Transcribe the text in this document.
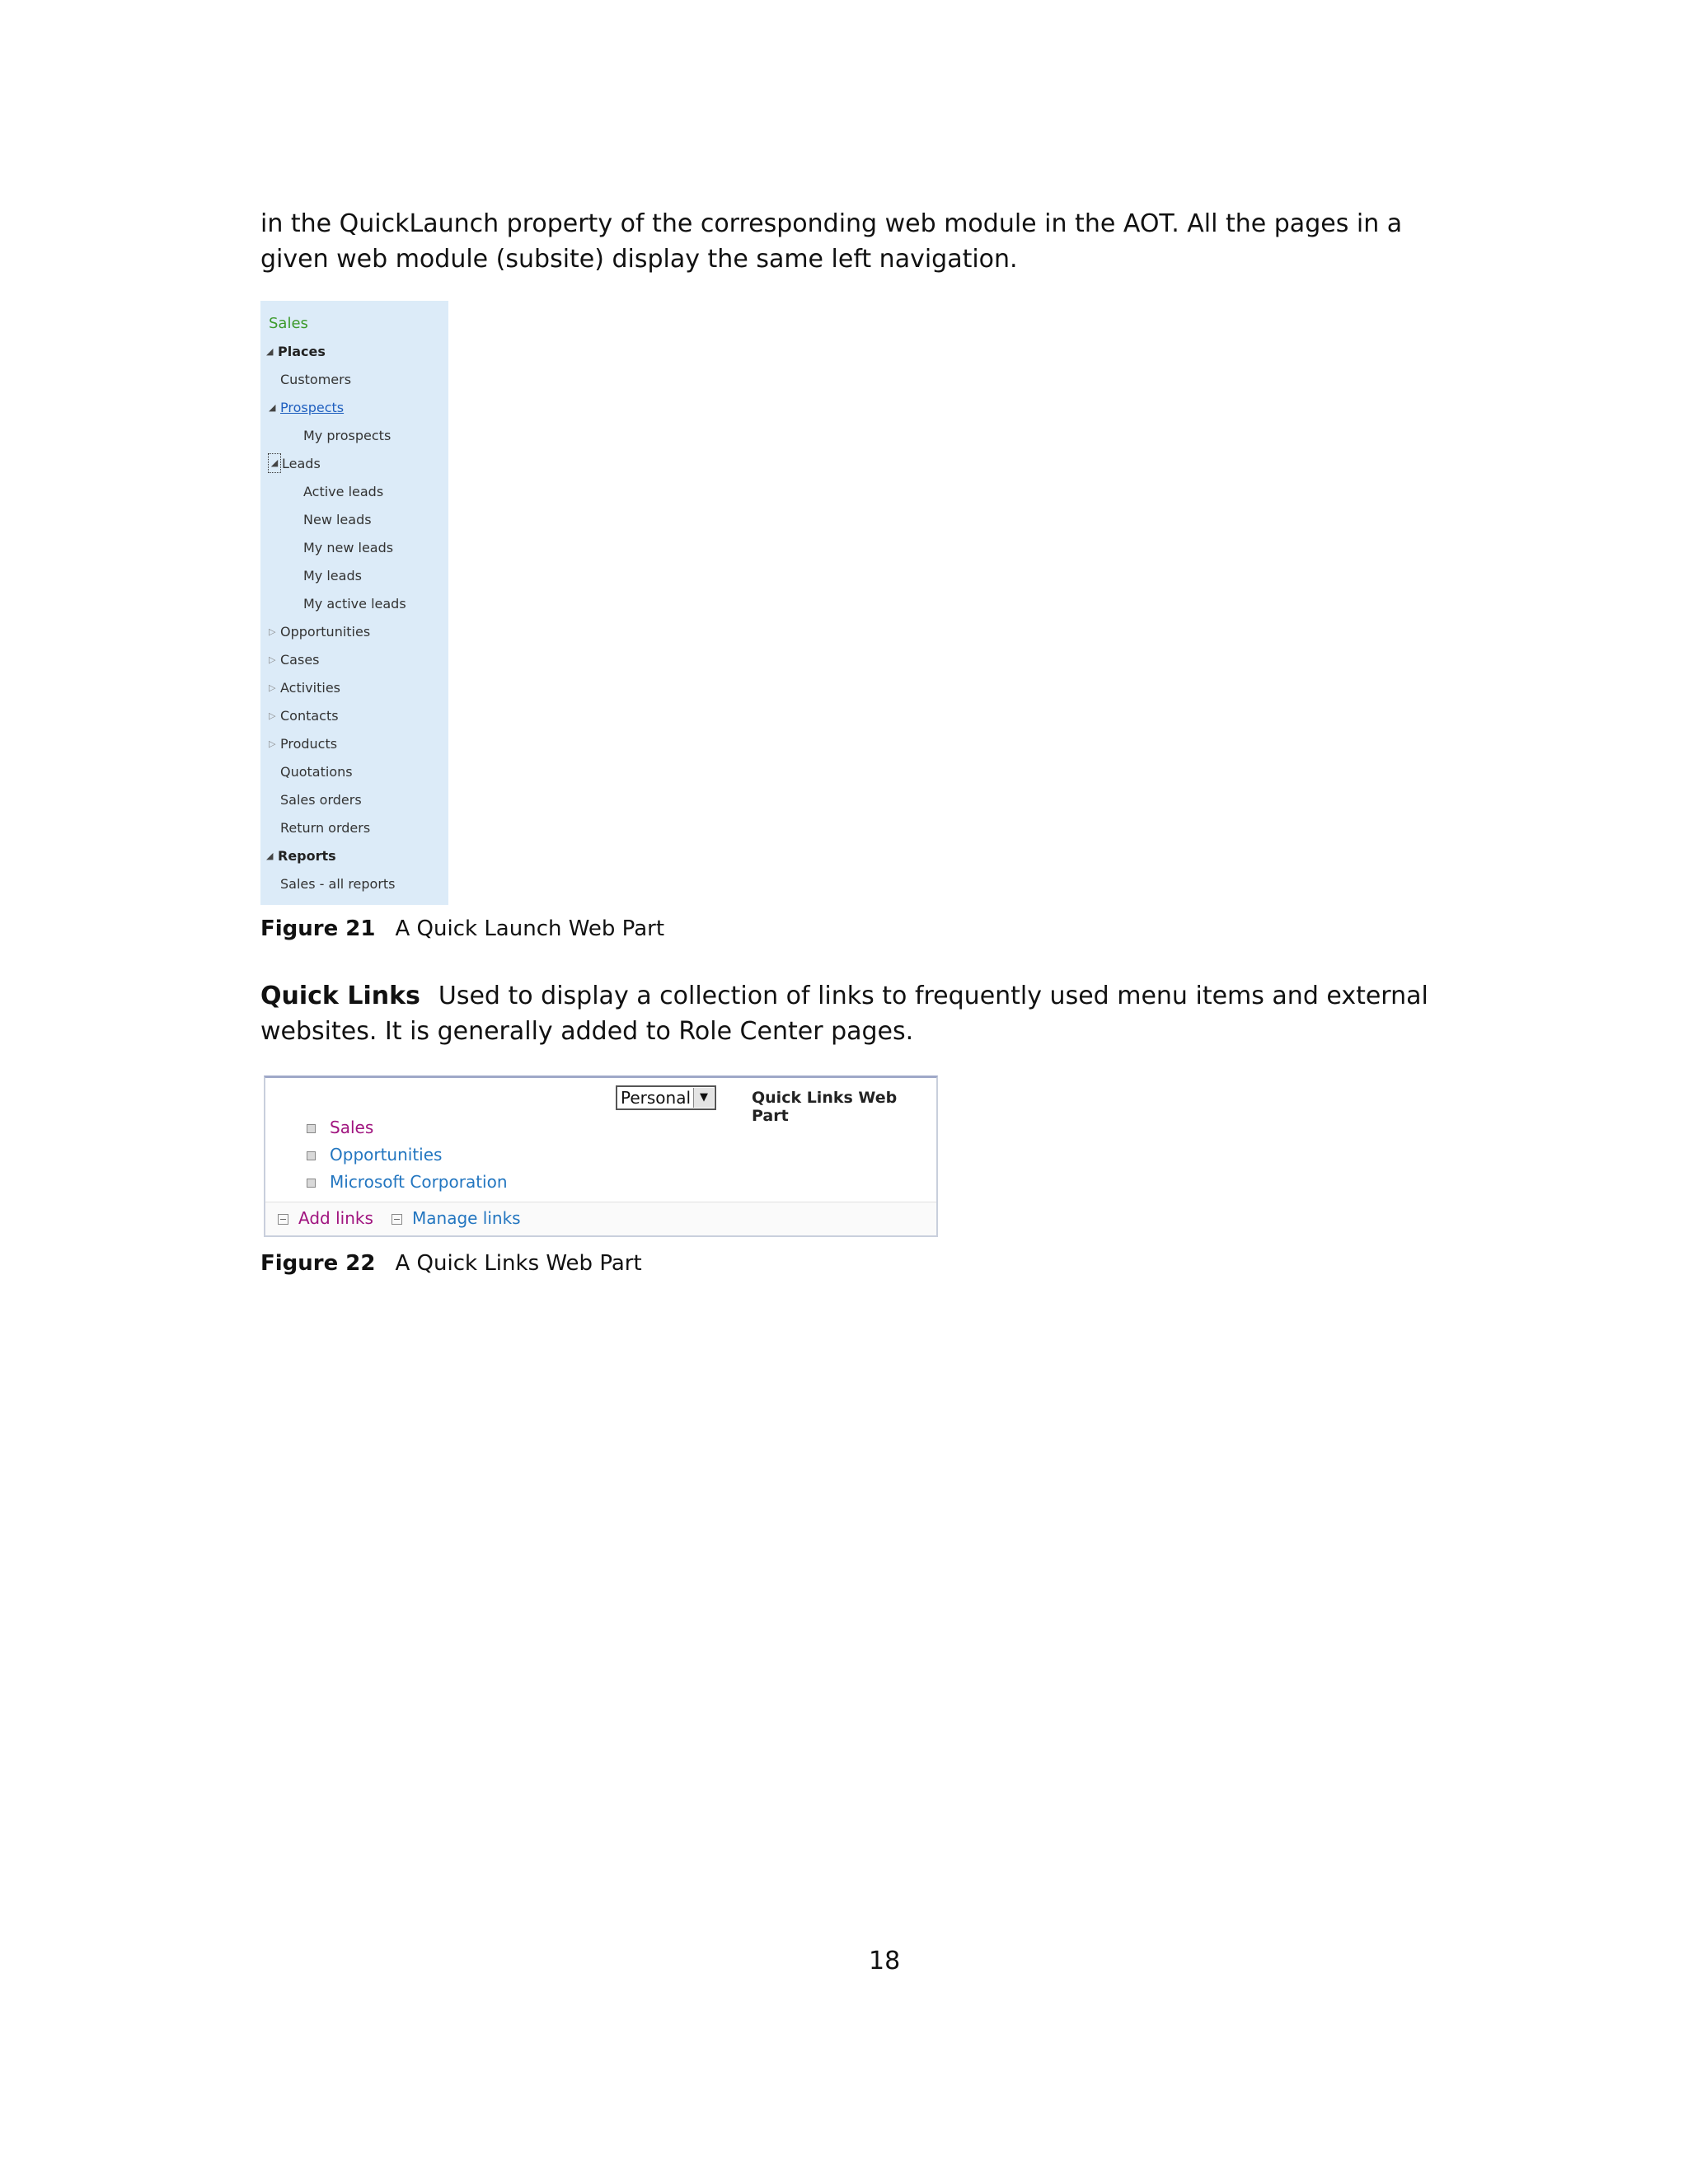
in the QuickLaunch property of the corresponding web module in the AOT. All the pages in a given web module (subsite) display the same left navigation.
Sales
◢ Places
Customers
◢ Prospects
My prospects
◢ Leads
Active leads
New leads
My new leads
My leads
My active leads
▷ Opportunities
▷ Cases
▷ Activities
▷ Contacts
▷ Products
Quotations
Sales orders
Return orders
◢ Reports
Sales - all reports
Figure 21 A Quick Launch Web Part
Quick Links Used to display a collection of links to frequently used menu items and external websites. It is generally added to Role Center pages.
Personal ▼	Quick Links Web Part
Sales
Opportunities
Microsoft Corporation
Add links	Manage links
Figure 22 A Quick Links Web Part
18
